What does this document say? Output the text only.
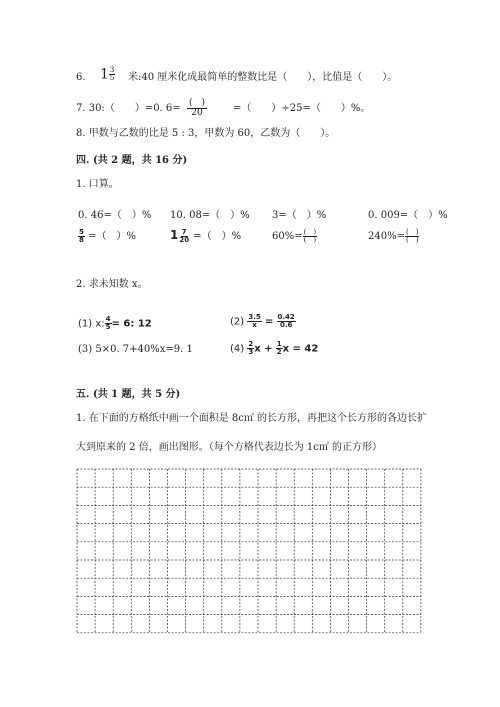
6. $1 \frac{3}{5}$ 米:40 厘米化成最简单的整数比是（　　），比值是（　　）。
7. 30:（　　）=0. 6= (　)
20	=（　　）÷25=（　　）%。
8. 甲数与乙数的比是 5 : 3，甲数为 60，乙数为（　　）。
四. (共 2 题，共 16 分)
1. 口算。
0. 46=（　）% 10. 08=（　）% 3=（　）%	0. 009=（　）%
$\frac{5}{8}$ =（　）%	$1 \frac{7}{20}$ =（　）%	$60\%= \frac{( )}{( )}$	$240\%= \frac{( )}{( )}$
2. 求未知数 x。
(1) x: $\frac{4}{5} = 6$: 12	$(2) \frac{3.5}{x} = \frac{0.42}{0.6}$
(3) 5×0. 7+40%x=9. 1	$(4) \frac{2}{3}$ $x + \frac{1}{2}$ x = 42
五. (共 1 题，共 5 分)
1. 在下面的方格纸中画一个面积是 8c㎡ 的长方形，再把这个长方形的各边长扩
大到原来的 2 倍，画出图形。（每个方格代表边长为 1c㎡ 的正方形）
